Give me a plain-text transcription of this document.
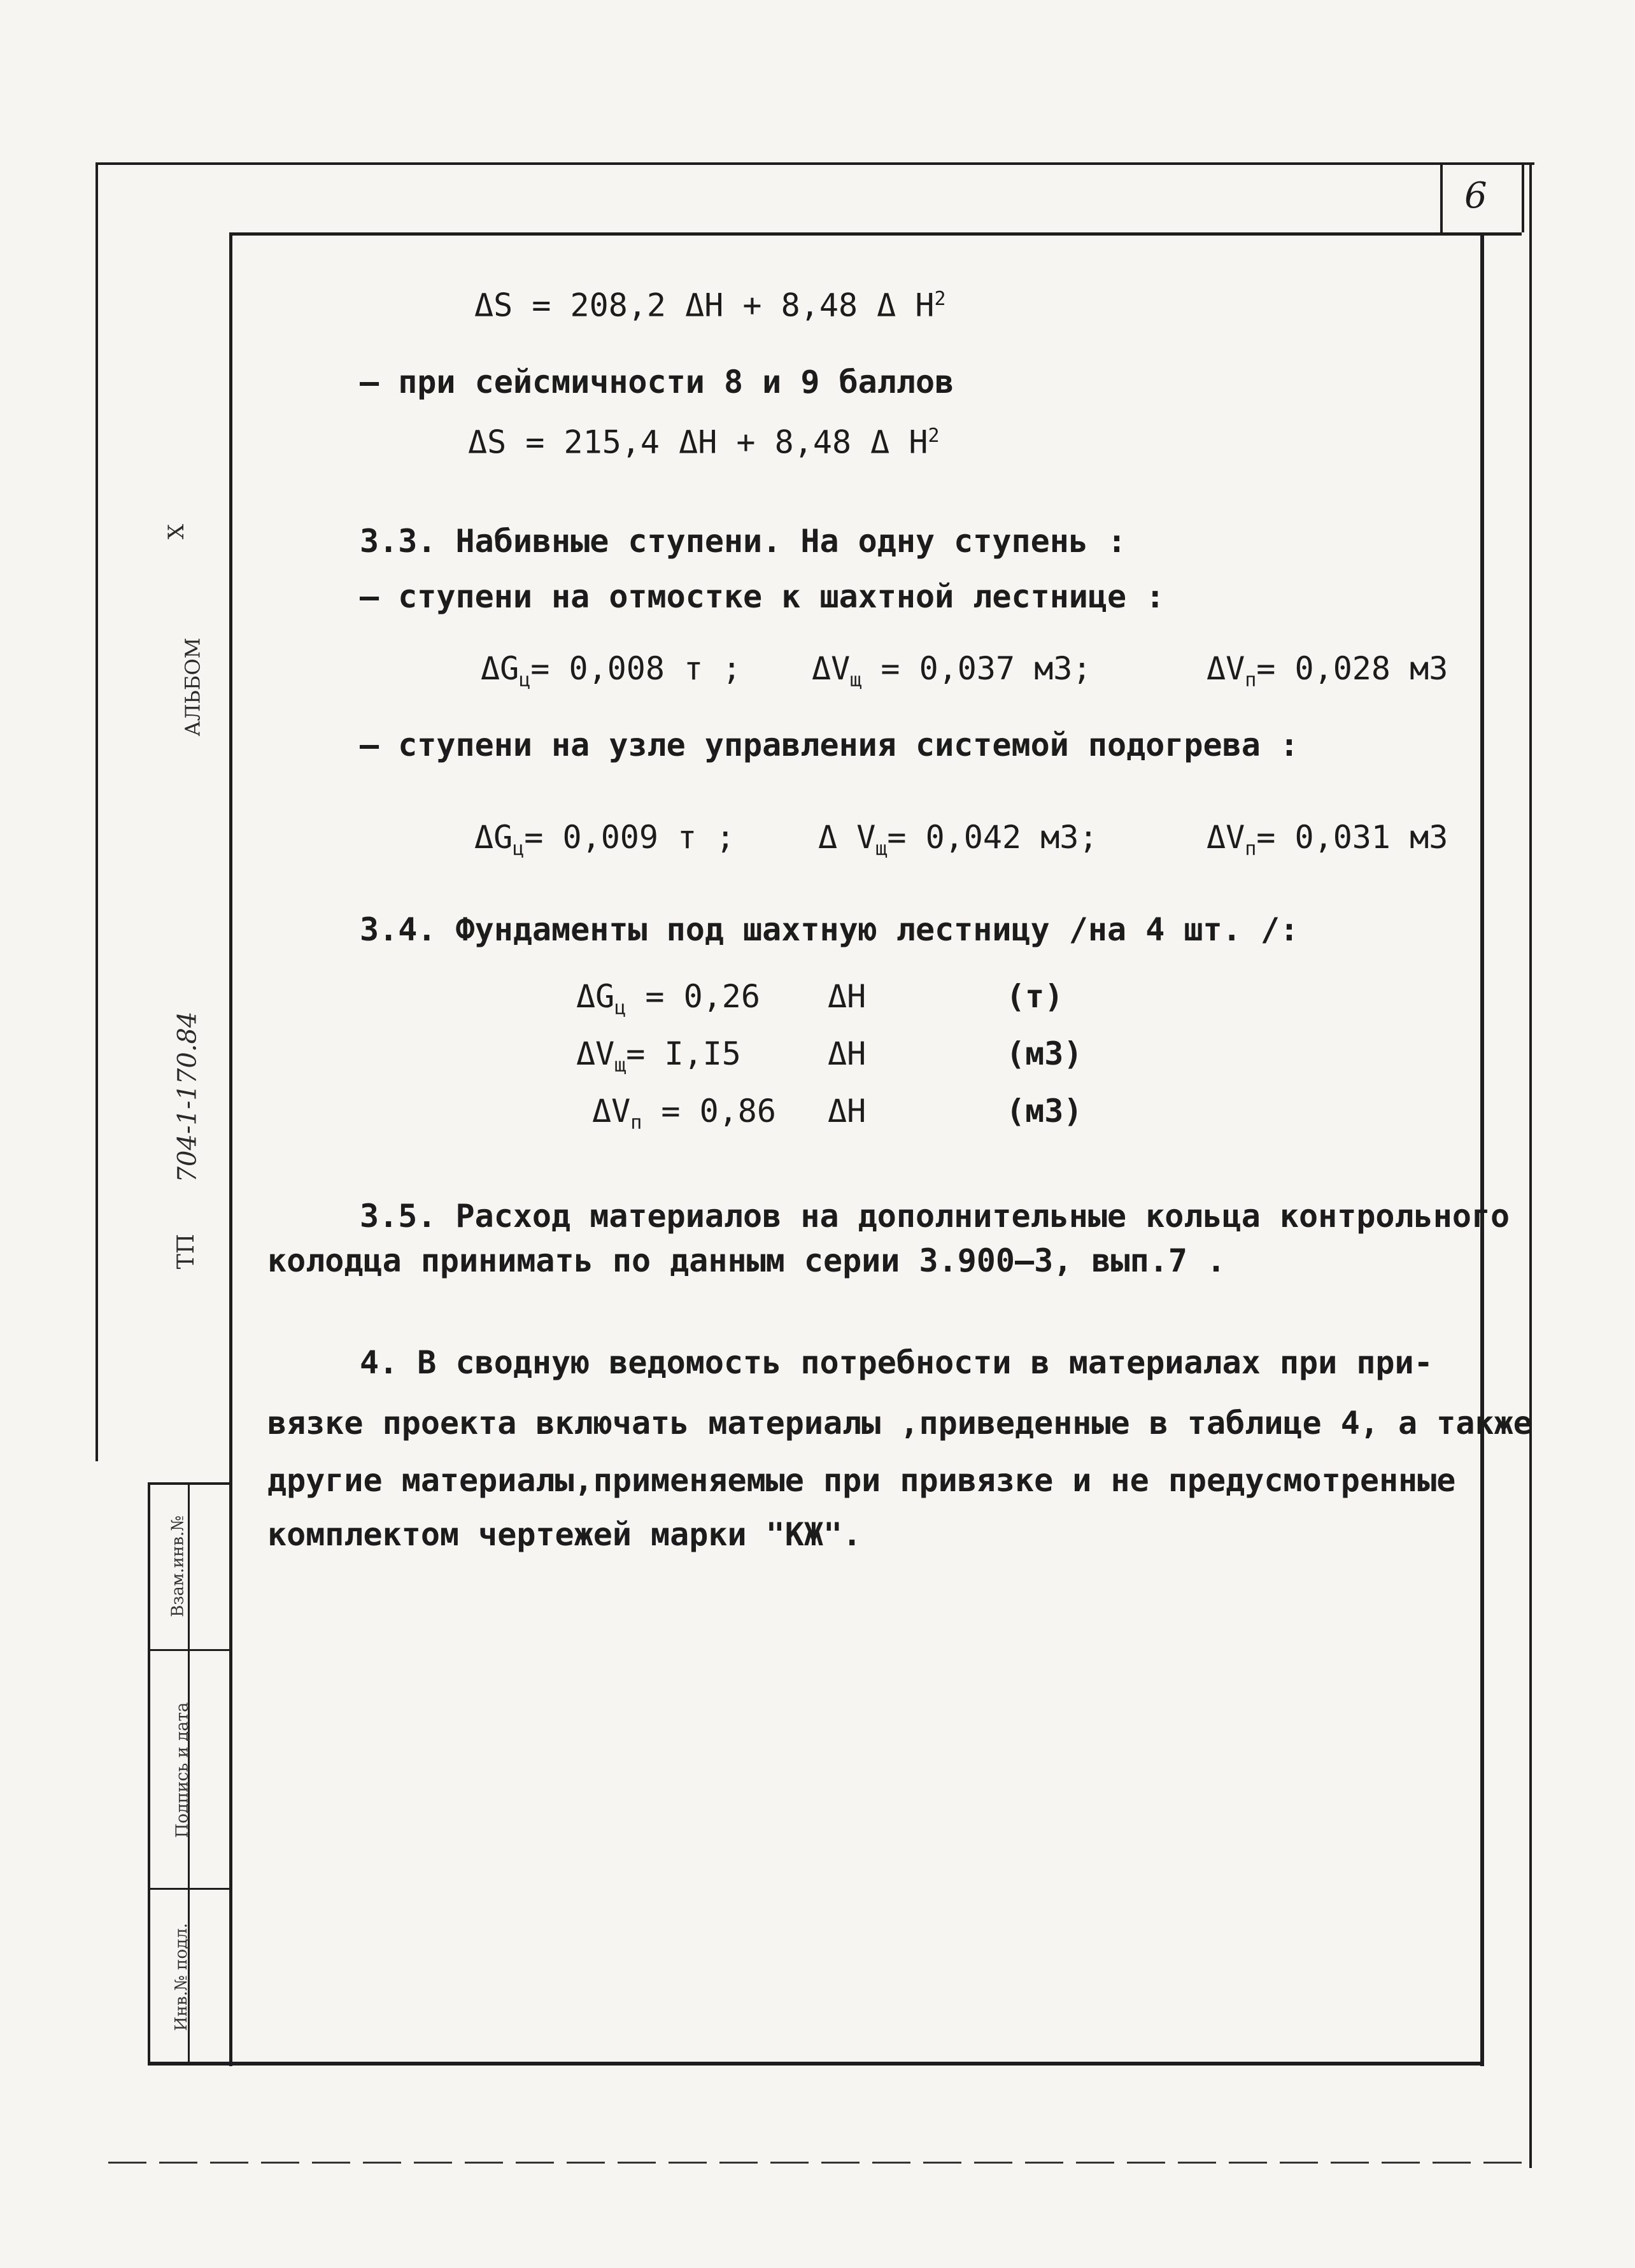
6
Взам.инв.№
Подпись и дата
Инв.№ подл.
X
АЛЬБОМ
704-1-170.84
ТП
ΔS = 208,2 ΔH + 8,48 Δ $H^2$
– при сейсмичности 8 и 9 баллов
ΔS = 215,4 ΔH + 8,48 Δ $H^2$
3.3. Набивные ступени. На одну ступень :
– ступени на отмостке к шахтной лестнице :
$\Delta G_ц= 0,008$ т ; $\Delta V_щ = 0,037$ м3;	$\Delta V_п= 0,028$ м3
– ступени на узле управления системой подогрева :
$\Delta G_ц= 0,009$ т ;	Δ $V_щ= 0,042$ м3;	$\Delta V_п= 0,031$ м3
3.4. Фундаменты под шахтную лестницу /на 4 шт. /:
$\Delta G_ц = 0,26$ ΔH	(т)
$\Delta V_щ= I,I5$	ΔH	(м3)
$\Delta V_п = 0,86$ ΔH	(м3)
3.5. Расход материалов на дополнительные кольца контрольного
колодца принимать по данным серии 3.900–3, вып.7 .
4. В сводную ведомость потребности в материалах при при-
вязке проекта включать материалы ,приведенные в таблице 4, а также
другие материалы,применяемые при привязке и не предусмотренные
комплектом чертежей марки "КЖ".
